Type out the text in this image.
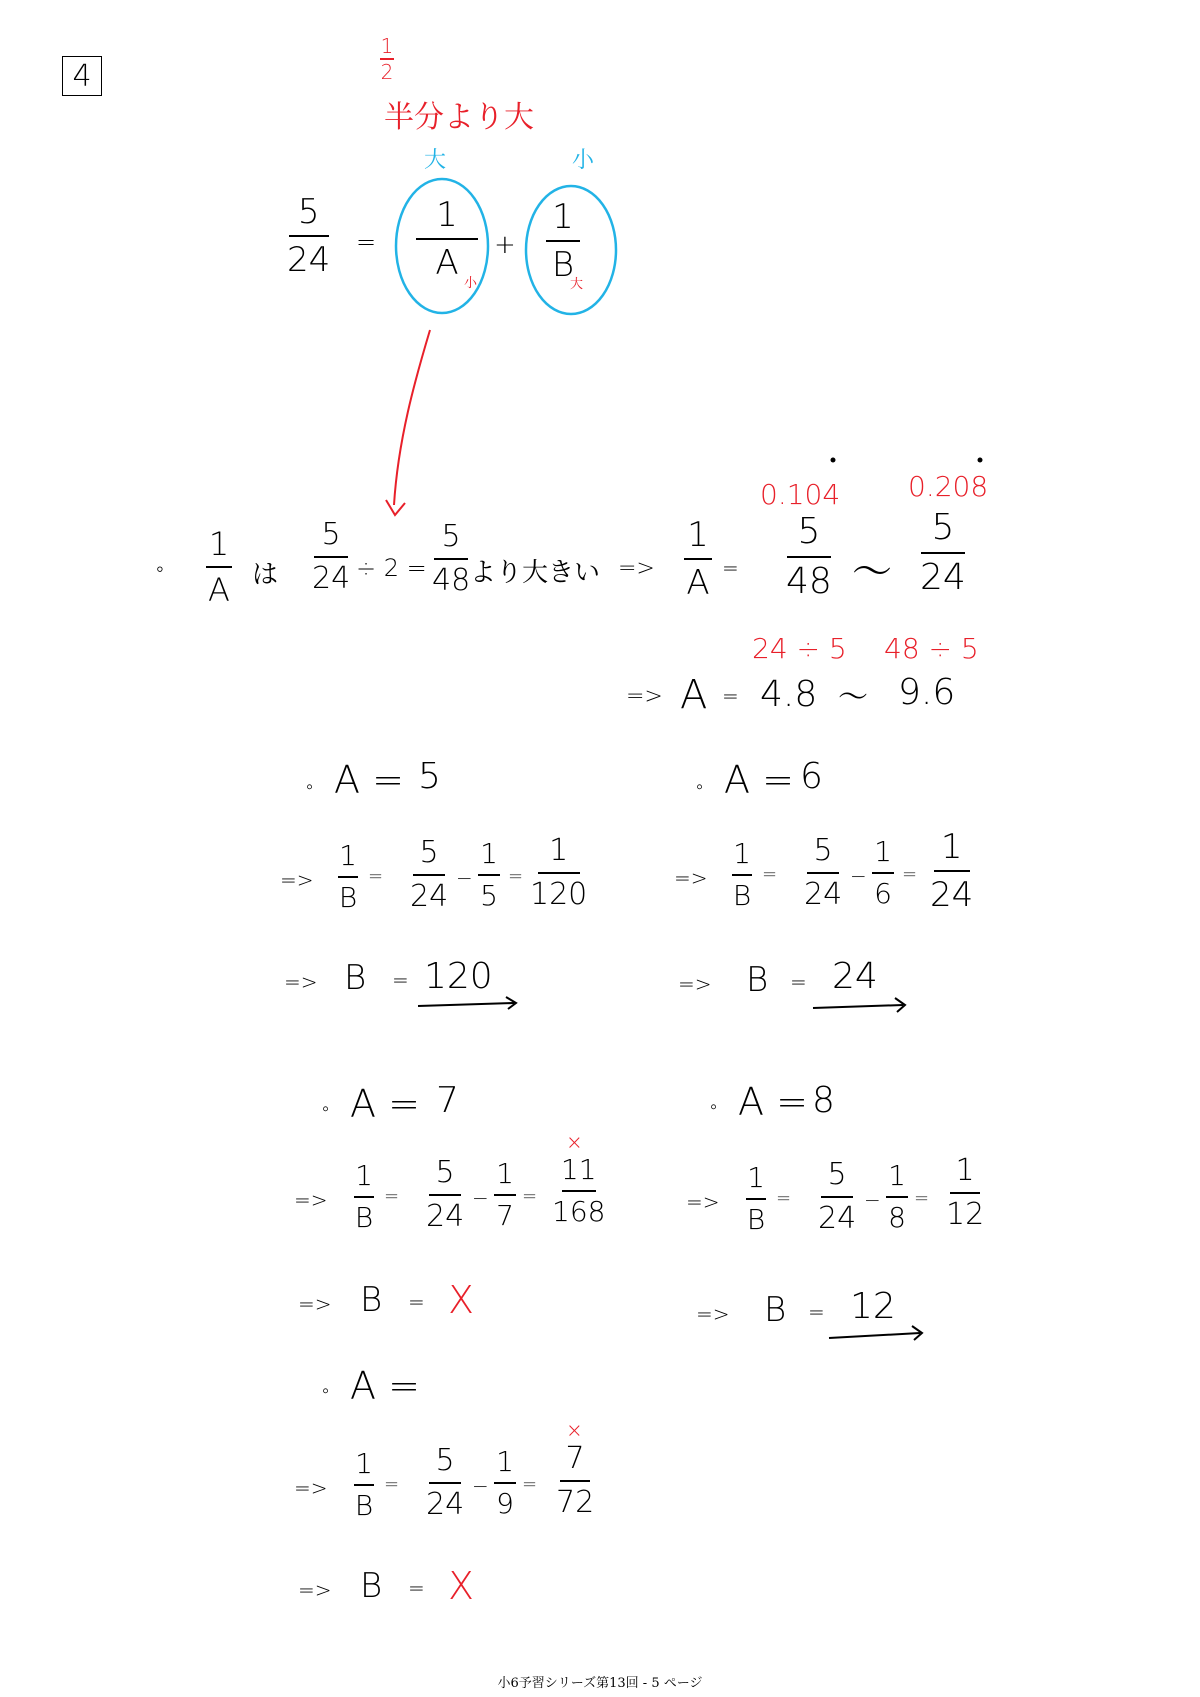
4
1
2
半分より大
大	小
5
24 =
1
A
小
+
1
B
大
◦
1
A は
5
24 ÷ 2 =
5
48 より大きい =>
1
A =
0.104 0.208
5
48 〜
5
24
24 ÷ 5 48 ÷ 5
=> A = 4.8 〜 9.6
◦ A = 5
=>
1
B
=
5
24
−
1
5
=
1
120
=> B = 120
◦ A = 6
=>
1
B
=
5
24
−
1
6
=
1
24
=> B = 24
◦ A = 7
=>
1
B
=
5
24
−
1
7
=
×
11
168
=> B = X
◦ A = 8
=>
1
B
=
5
24
−
1
8
=
1
12
=> B = 12
◦ A =
=>
1
B
=
5
24
−
1
9
=
×
7
72
=> B = X
小6予習シリーズ第13回 - 5 ページ
